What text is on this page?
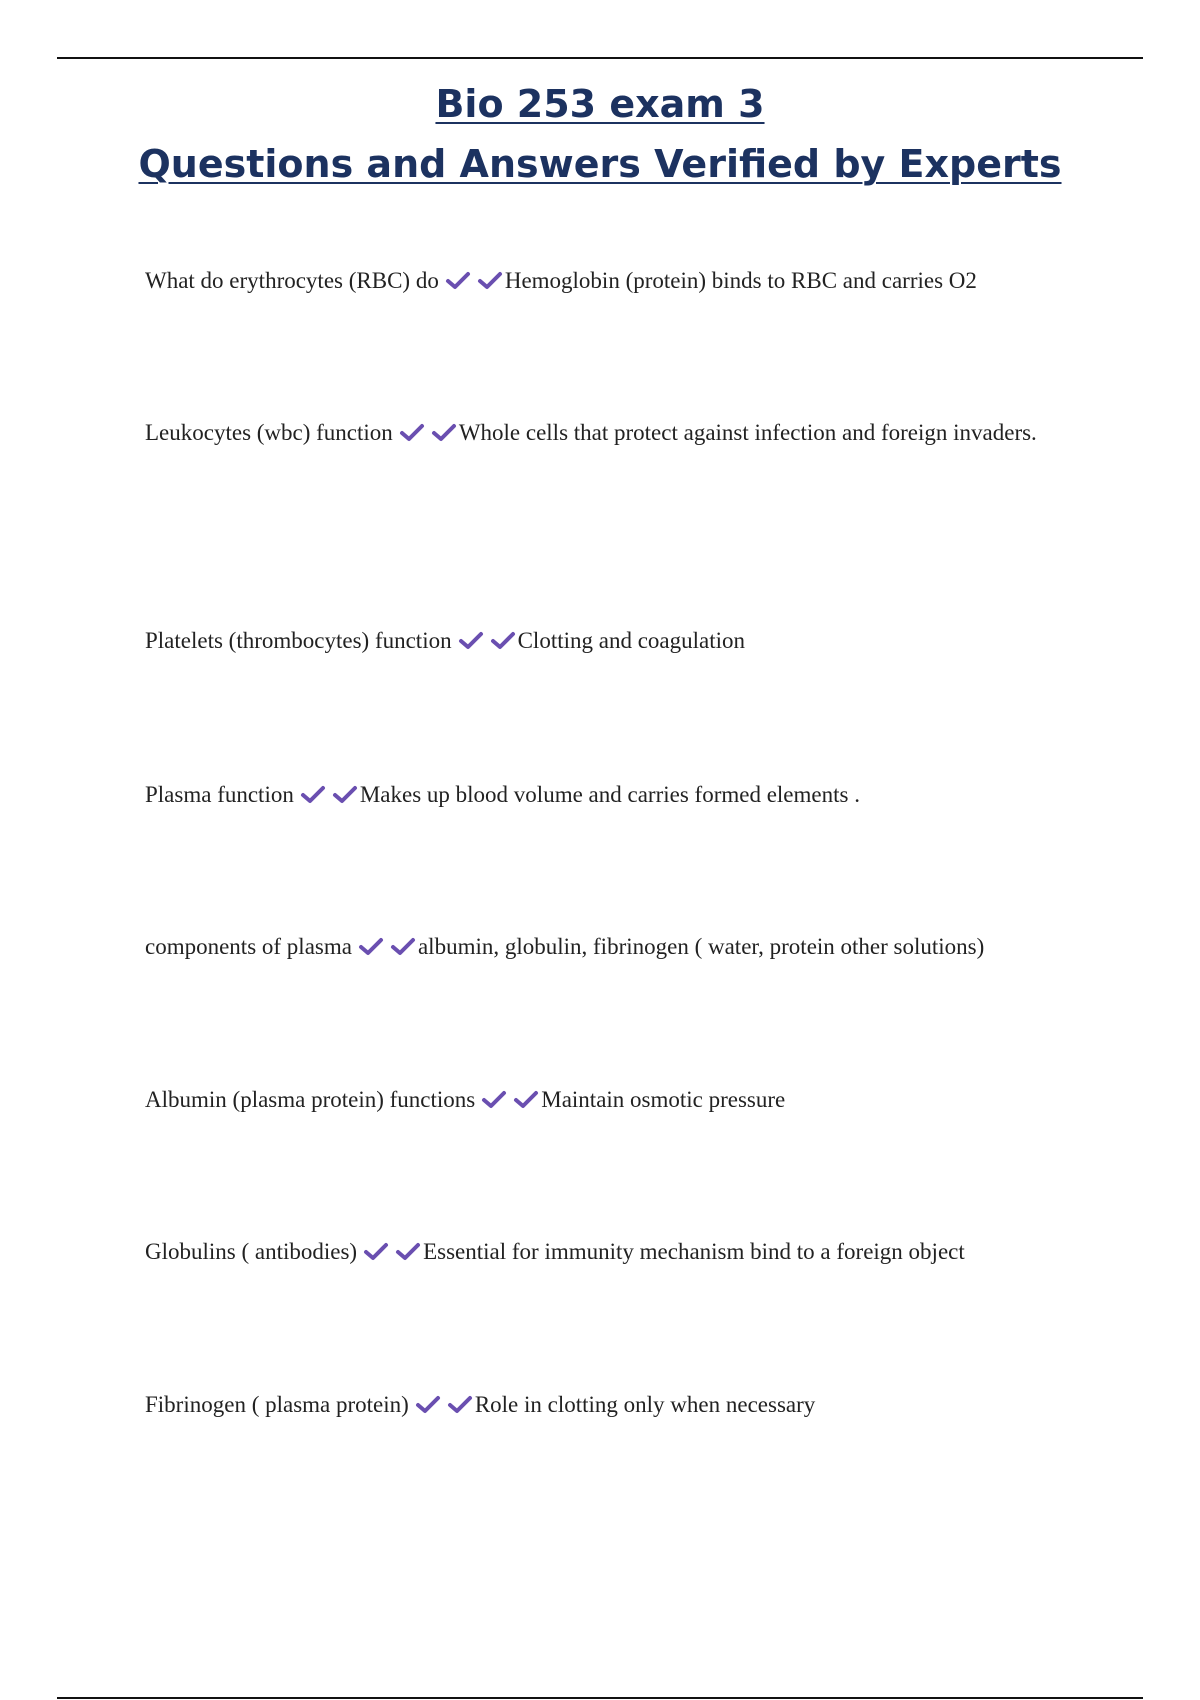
Bio 253 exam 3
Questions and Answers Verified by Experts
What do erythrocytes (RBC) do	Hemoglobin (protein) binds to RBC and carries O2
Leukocytes (wbc) function	Whole cells that protect against infection and foreign invaders.
Platelets (thrombocytes) function	Clotting and coagulation
Plasma function	Makes up blood volume and carries formed elements .
components of plasma	albumin, globulin, fibrinogen ( water, protein other solutions)
Albumin (plasma protein) functions	Maintain osmotic pressure
Globulins ( antibodies)	Essential for immunity mechanism bind to a foreign object
Fibrinogen ( plasma protein)	Role in clotting only when necessary
